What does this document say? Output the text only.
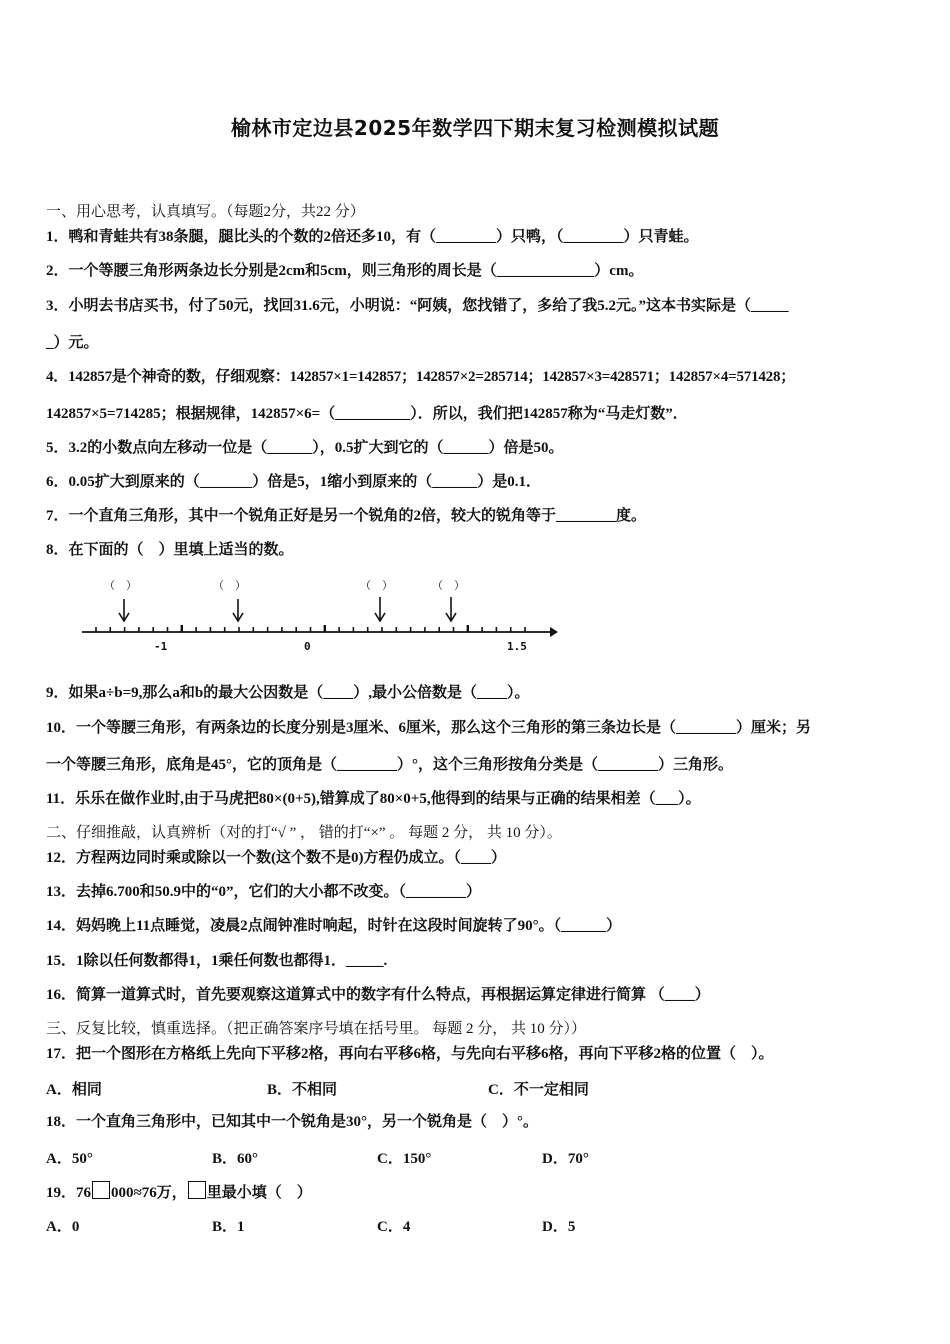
榆林市定边县2025年数学四下期末复习检测模拟试题
一、用心思考，认真填写。（每题2分，共22 分）
1．鸭和青蛙共有38条腿，腿比头的个数的2倍还多10，有（________）只鸭，（________）只青蛙。
2．一个等腰三角形两条边长分别是2cm和5cm，则三角形的周长是（_____________）cm。
3．小明去书店买书，付了50元，找回31.6元，小明说：“阿姨，您找错了，多给了我5.2元。”这本书实际是（_____
_）元。
4．142857是个神奇的数，仔细观察：142857×1=142857；142857×2=285714；142857×3=428571；142857×4=571428；
142857×5=714285；根据规律，142857×6=（__________）．所以，我们把142857称为“马走灯数”．
5．3.2的小数点向左移动一位是（______），0.5扩大到它的（______）倍是50。
6．0.05扩大到原来的（_______）倍是5，1缩小到原来的（______）是0.1．
7．一个直角三角形，其中一个锐角正好是另一个锐角的2倍，较大的锐角等于________度。
8．在下面的（　）里填上适当的数。
（　）	（　）	（　）	（　）
-1	0	1.5
9．如果a÷b=9,那么a和b的最大公因数是（____）,最小公倍数是（____）。
10．一个等腰三角形，有两条边的长度分别是3厘米、6厘米，那么这个三角形的第三条边长是（________）厘米；另
一个等腰三角形，底角是45°，它的顶角是（________）°，这个三角形按角分类是（________）三角形。
11．乐乐在做作业时,由于马虎把80×(0+5),错算成了80×0+5,他得到的结果与正确的结果相差（___）。
二、仔细推敲，认真辨析（对的打“√ ” ， 错的打“×” 。 每题 2 分， 共 10 分）。
12．方程两边同时乘或除以一个数(这个数不是0)方程仍成立。（____）
13．去掉6.700和50.9中的“0”，它们的大小都不改变。（________）
14．妈妈晚上11点睡觉，凌晨2点闹钟准时响起，时针在这段时间旋转了90°。（______）
15．1除以任何数都得1，1乘任何数也都得1．_____.
16．简算一道算式时，首先要观察这道算式中的数字有什么特点，再根据运算定律进行简算 （____）
三、反复比较，慎重选择。（把正确答案序号填在括号里。 每题 2 分， 共 10 分））
17．把一个图形在方格纸上先向下平移2格，再向右平移6格，与先向右平移6格，再向下平移2格的位置（　）。
A．相同	B．不相同	C．不一定相同
18．一个直角三角形中，已知其中一个锐角是30°，另一个锐角是（　）°。
A．50°	B．60°	C．150°	D．70°
19．76 000≈76万， 里最小填（　）
A．0	B．1	C．4	D．5
